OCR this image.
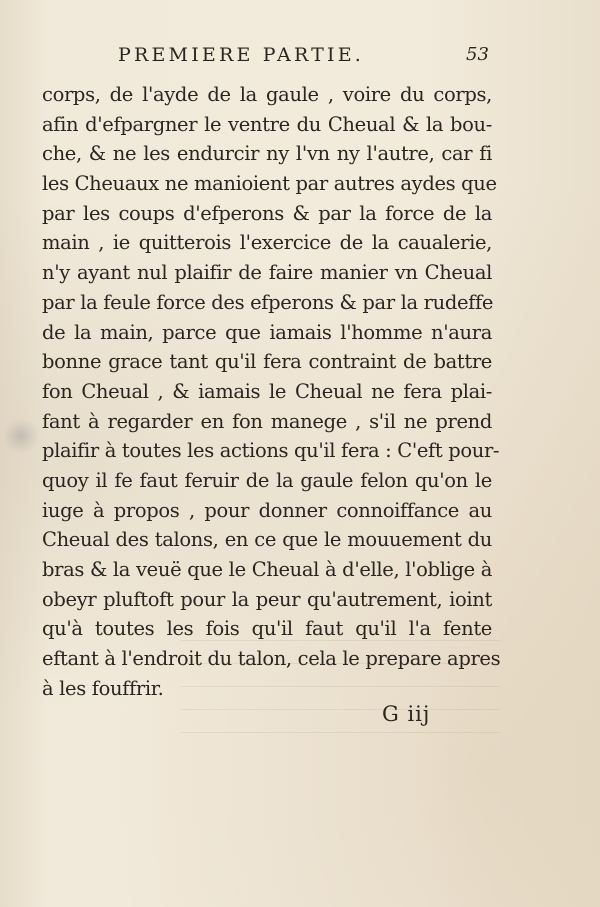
PREMIERE PARTIE.	53
corps, de l'ayde de la gaule , voire du corps,
afin d'efpargner le ventre du Cheual & la bou-
che, & ne les endurcir ny l'vn ny l'autre, car fi
les Cheuaux ne manioient par autres aydes que
par les coups d'efperons & par la force de la
main , ie quitterois l'exercice de la caualerie,
n'y ayant nul plaifir de faire manier vn Cheual
par la feule force des efperons & par la rudeffe
de la main, parce que iamais l'homme n'aura
bonne grace tant qu'il fera contraint de battre
fon Cheual , & iamais le Cheual ne fera plai-
fant à regarder en fon manege , s'il ne prend
plaifir à toutes les actions qu'il fera : C'eft pour-
quoy il fe faut feruir de la gaule felon qu'on le
iuge à propos , pour donner connoiffance au
Cheual des talons, en ce que le mouuement du
bras & la veuë que le Cheual à d'elle, l'oblige à
obeyr pluftoft pour la peur qu'autrement, ioint
qu'à toutes les fois qu'il faut qu'il l'a fente
eftant à l'endroit du talon, cela le prepare apres
à les fouffrir.
G iij
